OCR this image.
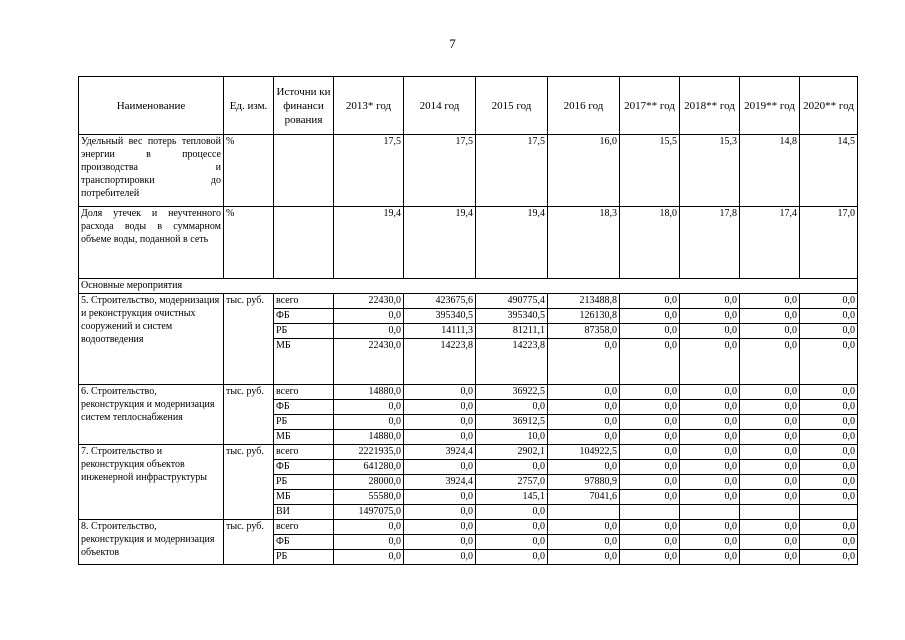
7
Наименование	Ед. изм.	Источни ки финанси рования	2013* год	2014 год	2015 год	2016 год	2017** год	2018** год	2019** год	2020** год
Удельный вес потерь тепловой энергии в процессе производства и транспортировки до потребителей	%		17,5	17,5	17,5	16,0	15,5	15,3	14,8	14,5
Доля утечек и неучтенного расхода воды в суммарном объеме воды, поданной в сеть	%		19,4	19,4	19,4	18,3	18,0	17,8	17,4	17,0
Основные мероприятия										
5. Строительство, модернизация и реконструкция очистных сооружений и систем водоотведения	тыс. руб.	всего	22430,0	423675,6	490775,4	213488,8	0,0	0,0	0,0	0,0
		ФБ	0,0	395340,5	395340,5	126130,8	0,0	0,0	0,0	0,0
		РБ	0,0	14111,3	81211,1	87358,0	0,0	0,0	0,0	0,0
		МБ	22430,0	14223,8	14223,8	0,0	0,0	0,0	0,0	0,0
6. Строительство, реконструкция и модернизация систем теплоснабжения	тыс. руб.	всего	14880,0	0,0	36922,5	0,0	0,0	0,0	0,0	0,0
		ФБ	0,0	0,0	0,0	0,0	0,0	0,0	0,0	0,0
		РБ	0,0	0,0	36912,5	0,0	0,0	0,0	0,0	0,0
		МБ	14880,0	0,0	10,0	0,0	0,0	0,0	0,0	0,0
7. Строительство и реконструкция объектов инженерной инфраструктуры	тыс. руб.	всего	2221935,0	3924,4	2902,1	104922,5	0,0	0,0	0,0	0,0
		ФБ	641280,0	0,0	0,0	0,0	0,0	0,0	0,0	0,0
		РБ	28000,0	3924,4	2757,0	97880,9	0,0	0,0	0,0	0,0
		МБ	55580,0	0,0	145,1	7041,6	0,0	0,0	0,0	0,0
		ВИ	1497075,0	0,0	0,0					
8. Строительство, реконструкция и модернизация объектов	тыс. руб.	всего	0,0	0,0	0,0	0,0	0,0	0,0	0,0	0,0
		ФБ	0,0	0,0	0,0	0,0	0,0	0,0	0,0	0,0
		РБ	0,0	0,0	0,0	0,0	0,0	0,0	0,0	0,0
